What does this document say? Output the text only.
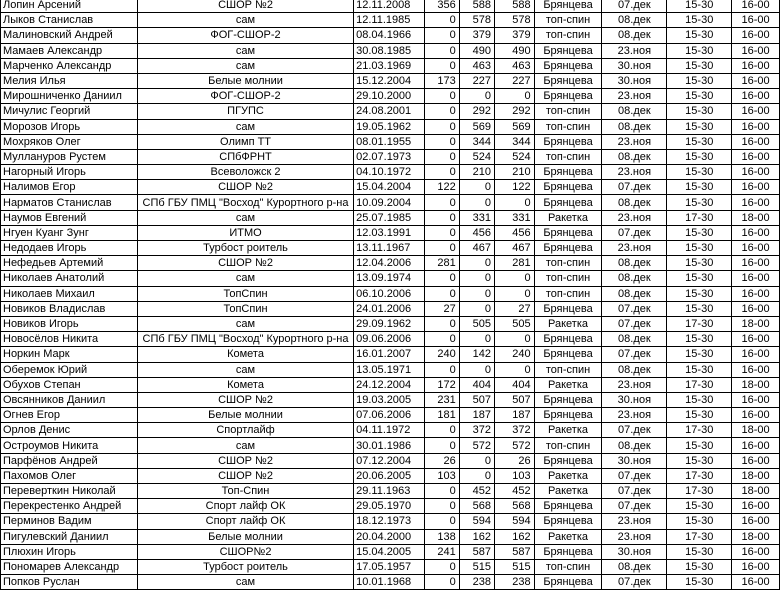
Лопин Арсений	СШОР №2	12.11.2008	356	588	588	Брянцева	07.дек	15-30	16-00
Лыков Станислав	сам	12.11.1985	0	578	578	топ-спин	08.дек	15-30	16-00
Малиновский Андрей	ФОГ-СШОР-2	08.04.1966	0	379	379	топ-спин	08.дек	15-30	16-00
Мамаев Александр	сам	30.08.1985	0	490	490	Брянцева	23.ноя	15-30	16-00
Марченко Александр	сам	21.03.1969	0	463	463	Брянцева	30.ноя	15-30	16-00
Мелия Илья	Белые молнии	15.12.2004	173	227	227	Брянцева	30.ноя	15-30	16-00
Мирошниченко Даниил	ФОГ-СШОР-2	29.10.2000	0	0	0	Брянцева	23.ноя	15-30	16-00
Мичулис Георгий	ПГУПС	24.08.2001	0	292	292	топ-спин	08.дек	15-30	16-00
Морозов Игорь	сам	19.05.1962	0	569	569	топ-спин	08.дек	15-30	16-00
Мохряков Олег	Олимп ТТ	08.01.1955	0	344	344	Брянцева	23.ноя	15-30	16-00
Муллануров Рустем	СПбФРНТ	02.07.1973	0	524	524	топ-спин	08.дек	15-30	16-00
Нагорный Игорь	Всеволожск 2	04.10.1972	0	210	210	Брянцева	23.ноя	15-30	16-00
Налимов Егор	СШОР №2	15.04.2004	122	0	122	Брянцева	07.дек	15-30	16-00
Нарматов Станислав	СПб ГБУ ПМЦ "Восход" Курортного р-на	10.09.2004	0	0	0	Брянцева	08.дек	15-30	16-00
Наумов Евгений	сам	25.07.1985	0	331	331	Ракетка	23.ноя	17-30	18-00
Нгуен Куанг Зунг	ИТМО	12.03.1991	0	456	456	Брянцева	07.дек	15-30	16-00
Недодаев Игорь	Турбост роитель	13.11.1967	0	467	467	Брянцева	23.ноя	15-30	16-00
Нефедьев Артемий	СШОР №2	12.04.2006	281	0	281	топ-спин	08.дек	15-30	16-00
Николаев Анатолий	сам	13.09.1974	0	0	0	топ-спин	08.дек	15-30	16-00
Николаев Михаил	ТопСпин	06.10.2006	0	0	0	топ-спин	08.дек	15-30	16-00
Новиков Владислав	ТопСпин	24.01.2006	27	0	27	Брянцева	07.дек	15-30	16-00
Новиков Игорь	сам	29.09.1962	0	505	505	Ракетка	07.дек	17-30	18-00
Новосёлов Никита	СПб ГБУ ПМЦ "Восход" Курортного р-на	09.06.2006	0	0	0	Брянцева	08.дек	15-30	16-00
Норкин Марк	Комета	16.01.2007	240	142	240	Брянцева	07.дек	15-30	16-00
Оберемок Юрий	сам	13.05.1971	0	0	0	топ-спин	08.дек	15-30	16-00
Обухов Степан	Комета	24.12.2004	172	404	404	Ракетка	23.ноя	17-30	18-00
Овсянников Даниил	СШОР №2	19.03.2005	231	507	507	Брянцева	30.ноя	15-30	16-00
Огнев Егор	Белые молнии	07.06.2006	181	187	187	Брянцева	23.ноя	15-30	16-00
Орлов Денис	Спортлайф	04.11.1972	0	372	372	Ракетка	07.дек	17-30	18-00
Остроумов Никита	сам	30.01.1986	0	572	572	топ-спин	08.дек	15-30	16-00
Парфёнов Андрей	СШОР №2	07.12.2004	26	0	26	Брянцева	30.ноя	15-30	16-00
Пахомов Олег	СШОР №2	20.06.2005	103	0	103	Ракетка	07.дек	17-30	18-00
Переверткин Николай	Топ-Спин	29.11.1963	0	452	452	Ракетка	07.дек	17-30	18-00
Перекрестенко Андрей	Спорт лайф ОК	29.05.1970	0	568	568	Брянцева	07.дек	15-30	16-00
Перминов Вадим	Спорт лайф ОК	18.12.1973	0	594	594	Брянцева	23.ноя	15-30	16-00
Пигулевский Даниил	Белые молнии	20.04.2000	138	162	162	Ракетка	23.ноя	17-30	18-00
Плюхин Игорь	СШОР№2	15.04.2005	241	587	587	Брянцева	30.ноя	15-30	16-00
Пономарев Александр	Турбост роитель	17.05.1957	0	515	515	топ-спин	08.дек	15-30	16-00
Попков Руслан	сам	10.01.1968	0	238	238	Брянцева	07.дек	15-30	16-00
